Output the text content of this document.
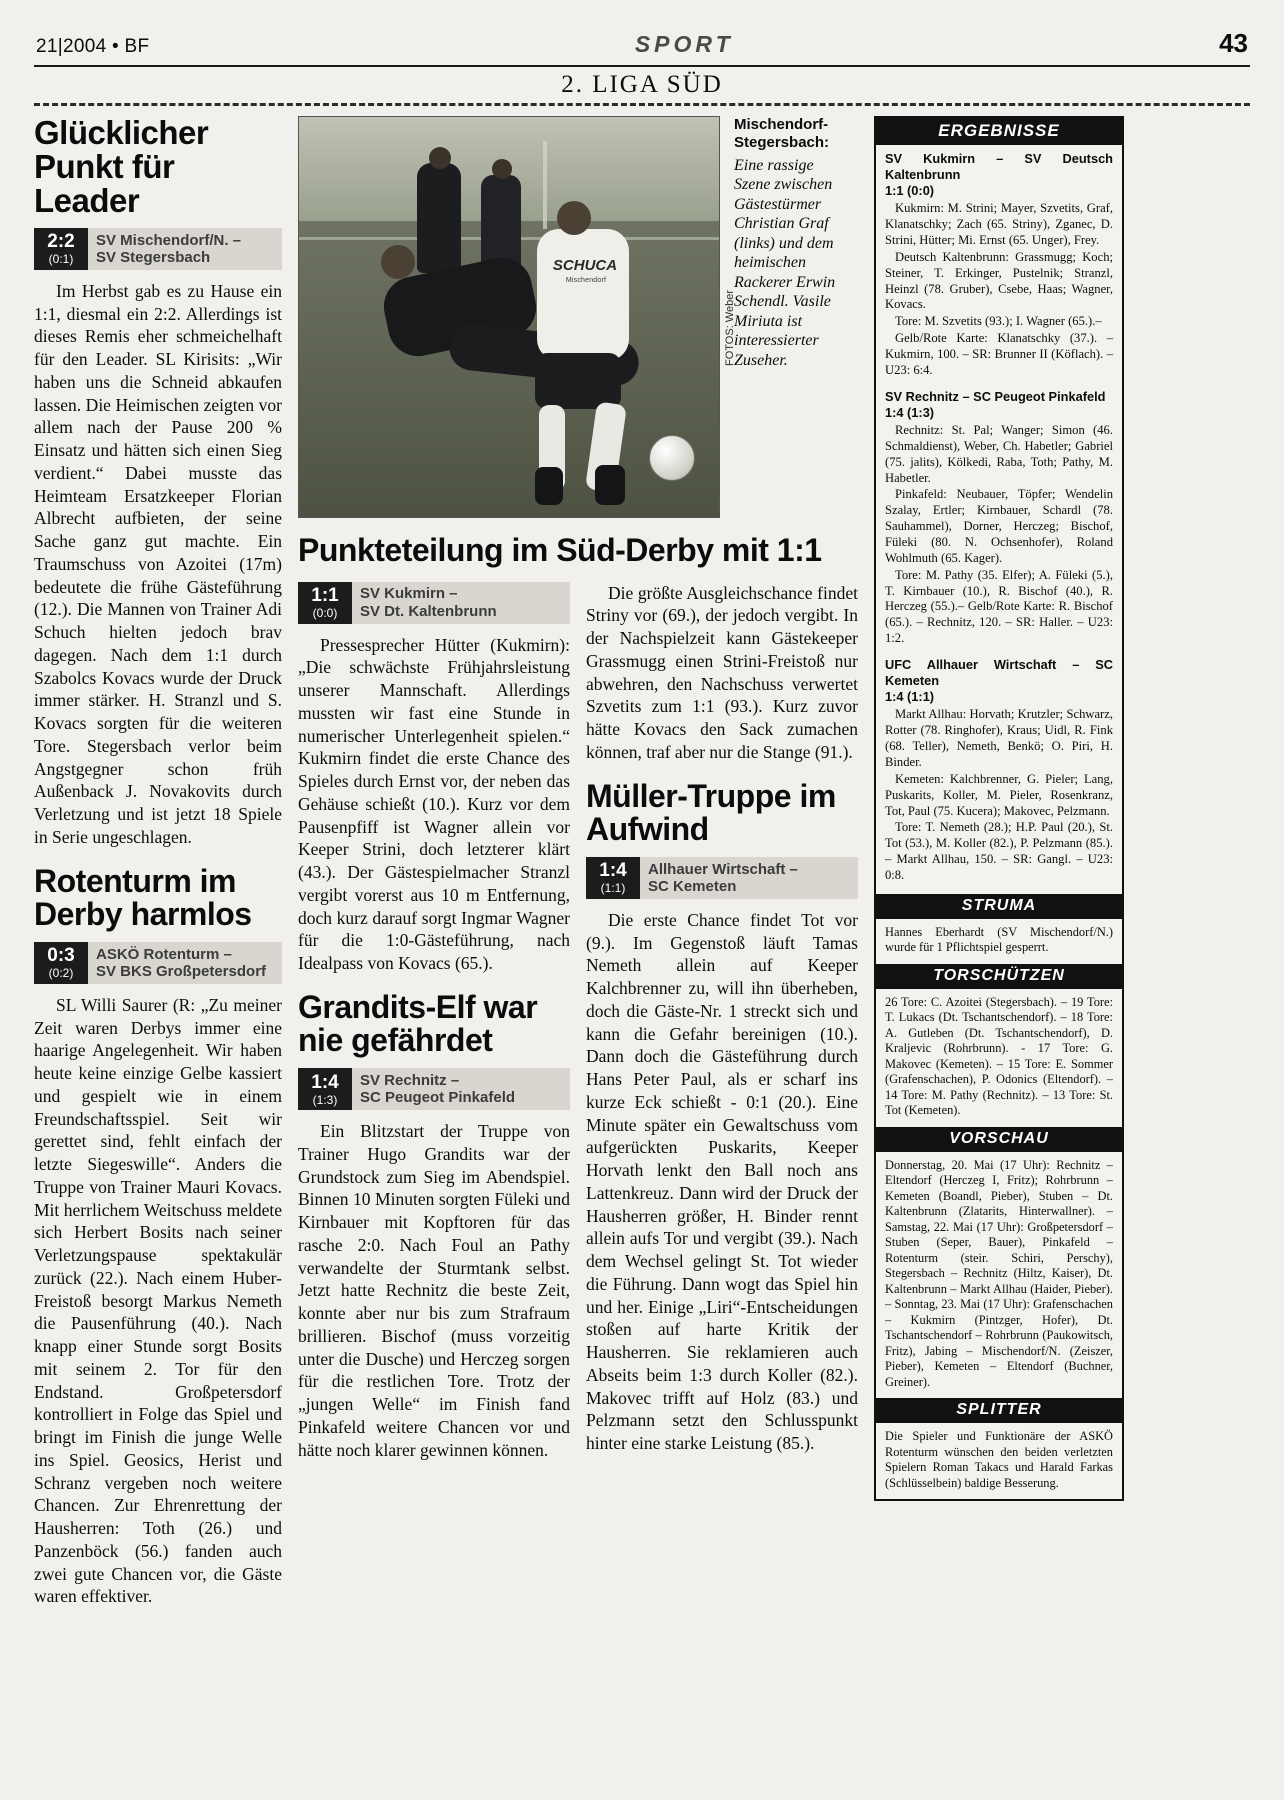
21|2004 • BF	SPORT	43
2. LIGA SÜD
Glücklicher Punkt für Leader
2:2
(0:1)
SV Mischendorf/N. –
SV Stegersbach

Im Herbst gab es zu Hause ein 1:1, diesmal ein 2:2. Allerdings ist dieses Remis eher schmeichelhaft für den Leader. SL Kirisits: „Wir haben uns die Schneid abkaufen lassen. Die Heimischen zeigten vor allem nach der Pause 200 % Einsatz und hätten sich einen Sieg verdient.“ Dabei musste das Heimteam Ersatzkeeper Florian Albrecht aufbieten, der seine Sache ganz gut machte. Ein Traumschuss von Azoitei (17m) bedeutete die frühe Gästeführung (12.). Die Mannen von Trainer Adi Schuch hielten jedoch brav dagegen. Nach dem 1:1 durch Szabolcs Kovacs wurde der Druck immer stärker. H. Stranzl und S. Kovacs sorgten für die weiteren Tore. Stegersbach verlor beim Angstgegner schon früh Außenback J. Novakovits durch Verletzung und ist jetzt 18 Spiele in Serie ungeschlagen.

Rotenturm im Derby harmlos
0:3
(0:2)
ASKÖ Rotenturm –
SV BKS Großpetersdorf

SL Willi Saurer (R: „Zu meiner Zeit waren Derbys immer eine haarige Angelegenheit. Wir haben heute keine einzige Gelbe kassiert und gespielt wie in einem Freundschaftsspiel. Seit wir gerettet sind, fehlt einfach der letzte Siegeswille“. Anders die Truppe von Trainer Mauri Kovacs. Mit herrlichem Weitschuss meldete sich Herbert Bosits nach seiner Verletzungspause spektakulär zurück (22.). Nach einem Huber-Freistoß besorgt Markus Nemeth die Pausenführung (40.). Nach knapp einer Stunde sorgt Bosits mit seinem 2. Tor für den Endstand. Großpetersdorf kontrolliert in Folge das Spiel und bringt im Finish die junge Welle ins Spiel. Geosics, Herist und Schranz vergeben noch weitere Chancen. Zur Ehrenrettung der Hausherren: Toth (26.) und Panzenböck (56.) fanden auch zwei gute Chancen vor, die Gäste waren effektiver.

SCHUCA
Mischendorf
FOTOS: Weber
Mischendorf-Stegersbach:
Eine rassige Szene zwischen Gästestürmer Christian Graf (links) und dem heimischen Rackerer Erwin Schendl. Vasile Miriuta ist interessierter Zuseher.
Punkteteilung im Süd-Derby mit 1:1
1:1
(0:0)
SV Kukmirn –
SV Dt. Kaltenbrunn

Pressesprecher Hütter (Kukmirn): „Die schwächste Frühjahrsleistung unserer Mannschaft. Allerdings mussten wir fast eine Stunde in numerischer Unterlegenheit spielen.“ Kukmirn findet die erste Chance des Spieles durch Ernst vor, der neben das Gehäuse schießt (10.). Kurz vor dem Pausenpfiff ist Wagner allein vor Keeper Strini, doch letzterer klärt (43.). Der Gästespielmacher Stranzl vergibt vorerst aus 10 m Entfernung, doch kurz darauf sorgt Ingmar Wagner für die 1:0-Gästeführung, nach Idealpass von Kovacs (65.).

Grandits-Elf war nie gefährdet
1:4
(1:3)
SV Rechnitz –
SC Peugeot Pinkafeld

Ein Blitzstart der Truppe von Trainer Hugo Grandits war der Grundstock zum Sieg im Abendspiel. Binnen 10 Minuten sorgten Füleki und Kirnbauer mit Kopftoren für das rasche 2:0. Nach Foul an Pathy verwandelte der Sturmtank selbst. Jetzt hatte Rechnitz die beste Zeit, konnte aber nur bis zum Strafraum brillieren. Bischof (muss vorzeitig unter die Dusche) und Herczeg sorgen für die restlichen Tore. Trotz der „jungen Welle“ im Finish fand Pinkafeld weitere Chancen vor und hätte noch klarer gewinnen können.

Die größte Ausgleichschance findet Striny vor (69.), der jedoch vergibt. In der Nachspielzeit kann Gästekeeper Grassmugg einen Strini-Freistoß nur abwehren, den Nachschuss verwertet Szvetits zum 1:1 (93.). Kurz zuvor hätte Kovacs den Sack zumachen können, traf aber nur die Stange (91.).

Müller-Truppe im Aufwind
1:4
(1:1)
Allhauer Wirtschaft –
SC Kemeten

Die erste Chance findet Tot vor (9.). Im Gegenstoß läuft Tamas Nemeth allein auf Keeper Kalchbrenner zu, will ihn überheben, doch die Gäste-Nr. 1 streckt sich und kann die Gefahr bereinigen (10.). Dann doch die Gästeführung durch Hans Peter Paul, als er scharf ins kurze Eck schießt - 0:1 (20.). Eine Minute später ein Gewaltschuss vom aufgerückten Puskarits, Keeper Horvath lenkt den Ball noch ans Lattenkreuz. Dann wird der Druck der Hausherren größer, H. Binder rennt allein aufs Tor und vergibt (39.). Nach dem Wechsel gelingt St. Tot wieder die Führung. Dann wogt das Spiel hin und her. Einige „Liri“-Entscheidungen stoßen auf harte Kritik der Hausherren. Sie reklamieren auch Abseits beim 1:3 durch Koller (82.). Makovec trifft auf Holz (83.) und Pelzmann setzt den Schlusspunkt hinter eine starke Leistung (85.).

ERGEBNISSE
SV Kukmirn – SV Deutsch Kaltenbrunn
1:1 (0:0)
Kukmirn: M. Strini; Mayer, Szvetits, Graf, Klanatschky; Zach (65. Striny), Zganec, D. Strini, Hütter; Mi. Ernst (65. Unger), Frey.
Deutsch Kaltenbrunn: Grassmugg; Koch; Steiner, T. Erkinger, Pustelnik; Stranzl, Heinzl (78. Gruber), Csebe, Haas; Wagner, Kovacs.
Tore: M. Szvetits (93.); I. Wagner (65.).–
Gelb/Rote Karte: Klanatschky (37.). – Kukmirn, 100. – SR: Brunner II (Köflach). – U23: 6:4.
SV Rechnitz – SC Peugeot Pinkafeld
1:4 (1:3)
Rechnitz: St. Pal; Wanger; Simon (46. Schmaldienst), Weber, Ch. Habetler; Gabriel (75. jalits), Kölkedi, Raba, Toth; Pathy, M. Habetler.
Pinkafeld: Neubauer, Töpfer; Wendelin Szalay, Ertler; Kirnbauer, Schardl (78. Sauhammel), Dorner, Herczeg; Bischof, Füleki (80. N. Ochsenhofer), Roland Wohlmuth (65. Kager).
Tore: M. Pathy (35. Elfer); A. Füleki (5.), T. Kirnbauer (10.), R. Bischof (40.), R. Herczeg (55.).– Gelb/Rote Karte: R. Bischof (65.). – Rechnitz, 120. – SR: Haller. – U23: 1:2.
UFC Allhauer Wirtschaft – SC Kemeten
1:4 (1:1)
Markt Allhau: Horvath; Krutzler; Schwarz, Rotter (78. Ringhofer), Kraus; Uidl, R. Fink (68. Teller), Nemeth, Benkö; O. Piri, H. Binder.
Kemeten: Kalchbrenner, G. Pieler; Lang, Puskarits, Koller, M. Pieler, Rosenkranz, Tot, Paul (75. Kucera); Makovec, Pelzmann.
Tore: T. Nemeth (28.); H.P. Paul (20.), St. Tot (53.), M. Koller (82.), P. Pelzmann (85.). – Markt Allhau, 150. – SR: Gangl. – U23: 0:8.
STRUMA
Hannes Eberhardt (SV Mischendorf/N.) wurde für 1 Pflichtspiel gesperrt.
TORSCHÜTZEN
26 Tore: C. Azoitei (Stegersbach). – 19 Tore: T. Lukacs (Dt. Tschantschendorf). – 18 Tore: A. Gutleben (Dt. Tschantschendorf), D. Kraljevic (Rohrbrunn). - 17 Tore: G. Makovec (Kemeten). – 15 Tore: E. Sommer (Grafenschachen), P. Odonics (Eltendorf). – 14 Tore: M. Pathy (Rechnitz). – 13 Tore: St. Tot (Kemeten).
VORSCHAU
Donnerstag, 20. Mai (17 Uhr): Rechnitz – Eltendorf (Herczeg I, Fritz); Rohrbrunn – Kemeten (Boandl, Pieber), Stuben – Dt. Kaltenbrunn (Zlatarits, Hinterwallner). – Samstag, 22. Mai (17 Uhr): Großpetersdorf – Stuben (Seper, Bauer), Pinkafeld – Rotenturm (steir. Schiri, Perschy), Stegersbach – Rechnitz (Hiltz, Kaiser), Dt. Kaltenbrunn – Markt Allhau (Haider, Pieber). – Sonntag, 23. Mai (17 Uhr): Grafenschachen – Kukmirn (Pintzger, Hofer), Dt. Tschantschendorf – Rohrbrunn (Paukowitsch, Fritz), Jabing – Mischendorf/N. (Zeiszer, Pieber), Kemeten – Eltendorf (Buchner, Greiner).
SPLITTER
Die Spieler und Funktionäre der ASKÖ Rotenturm wünschen den beiden verletzten Spielern Roman Takacs und Harald Farkas (Schlüsselbein) baldige Besserung.
